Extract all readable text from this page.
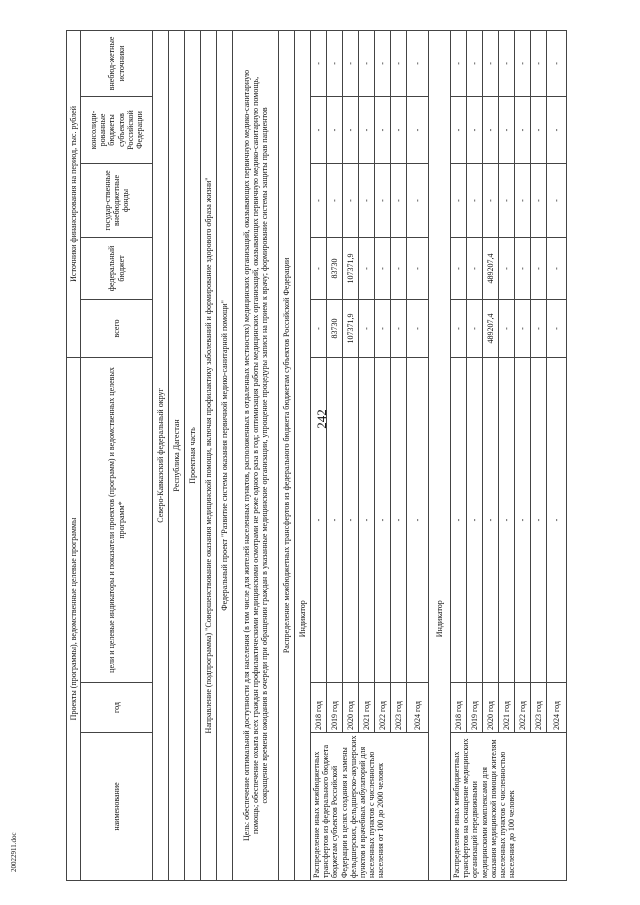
242
20022911.doc
Проекты (программы), ведомственные целевые программы			Источники финансирования на период, тыс. рублей				
наименование	год	цели и целевые индикаторы и показатели проектов (программ) и ведомственных целевых программ*	всего	федеральный бюджет	государ-ственные внебюджетные фонды	консолиди-рованные бюджеты субъектов Российской Федерации	внебюд-жетные источники
Северо-Кавказский федеральный округ							
Республика Дагестан							
Проектная часть							
Направление (подпрограмма) "Совершенствование оказания медицинской помощи, включая профилактику заболеваний и формирование здорового образа жизни"							
Федеральный проект "Развитие системы оказания первичной медико-санитарной помощи"							
Цель: обеспечение оптимальной доступности для населения (в том числе для жителей населенных пунктов, расположенных в отдаленных местностях) медицинских организаций, оказывающих первичную медико-санитарную помощь; обеспечение охвата всех граждан профилактическими медицинскими осмотрами не реже одного раза в год; оптимизация работы медицинских организаций, оказывающих первичную медико-санитарную помощь, сокращение времени ожидания в очереди при обращении граждан в указанные медицинские организации, упрощение процедуры записи на прием к врачу; формирование системы защиты прав пациентов							
Распределение межбюджетных трансфертов из федерального бюджета бюджетам субъектов Российской Федерации							
Индикатор							
Распределение иных межбюджетных трансфертов из федерального бюджета бюджетам субъектов Российской Федерации в целях создания и замены фельдшерских, фельдшерско-акушерских пунктов и врачебных амбулаторий для населенных пунктов с численностью населения от 100 до 2000 человек	2018 год	-	-	-	-	-	-
	2019 год	-	83730	83730	-	-	-
	2020 год	-	107371,9	107371,9	-	-	-
	2021 год	-	-	-	-	-	-
	2022 год	-	-	-	-	-	-
	2023 год	-	-	-	-	-	-
	2024 год	-	-	-	-	-	-
Индикатор							
Распределение иных межбюджетных трансфертов на оснащение медицинских организаций передвижными медицинскими комплексами для оказания медицинской помощи жителям населенных пунктов с численностью населения до 100 человек	2018 год	-	-	-	-	-	-
	2019 год	-	-	-	-	-	-
	2020 год	-	489207,4	489207,4	-	-	-
	2021 год	-	-	-	-	-	-
	2022 год	-	-	-	-	-	-
	2023 год	-	-	-	-	-	-
	2024 год	-	-	-	-	-	-
